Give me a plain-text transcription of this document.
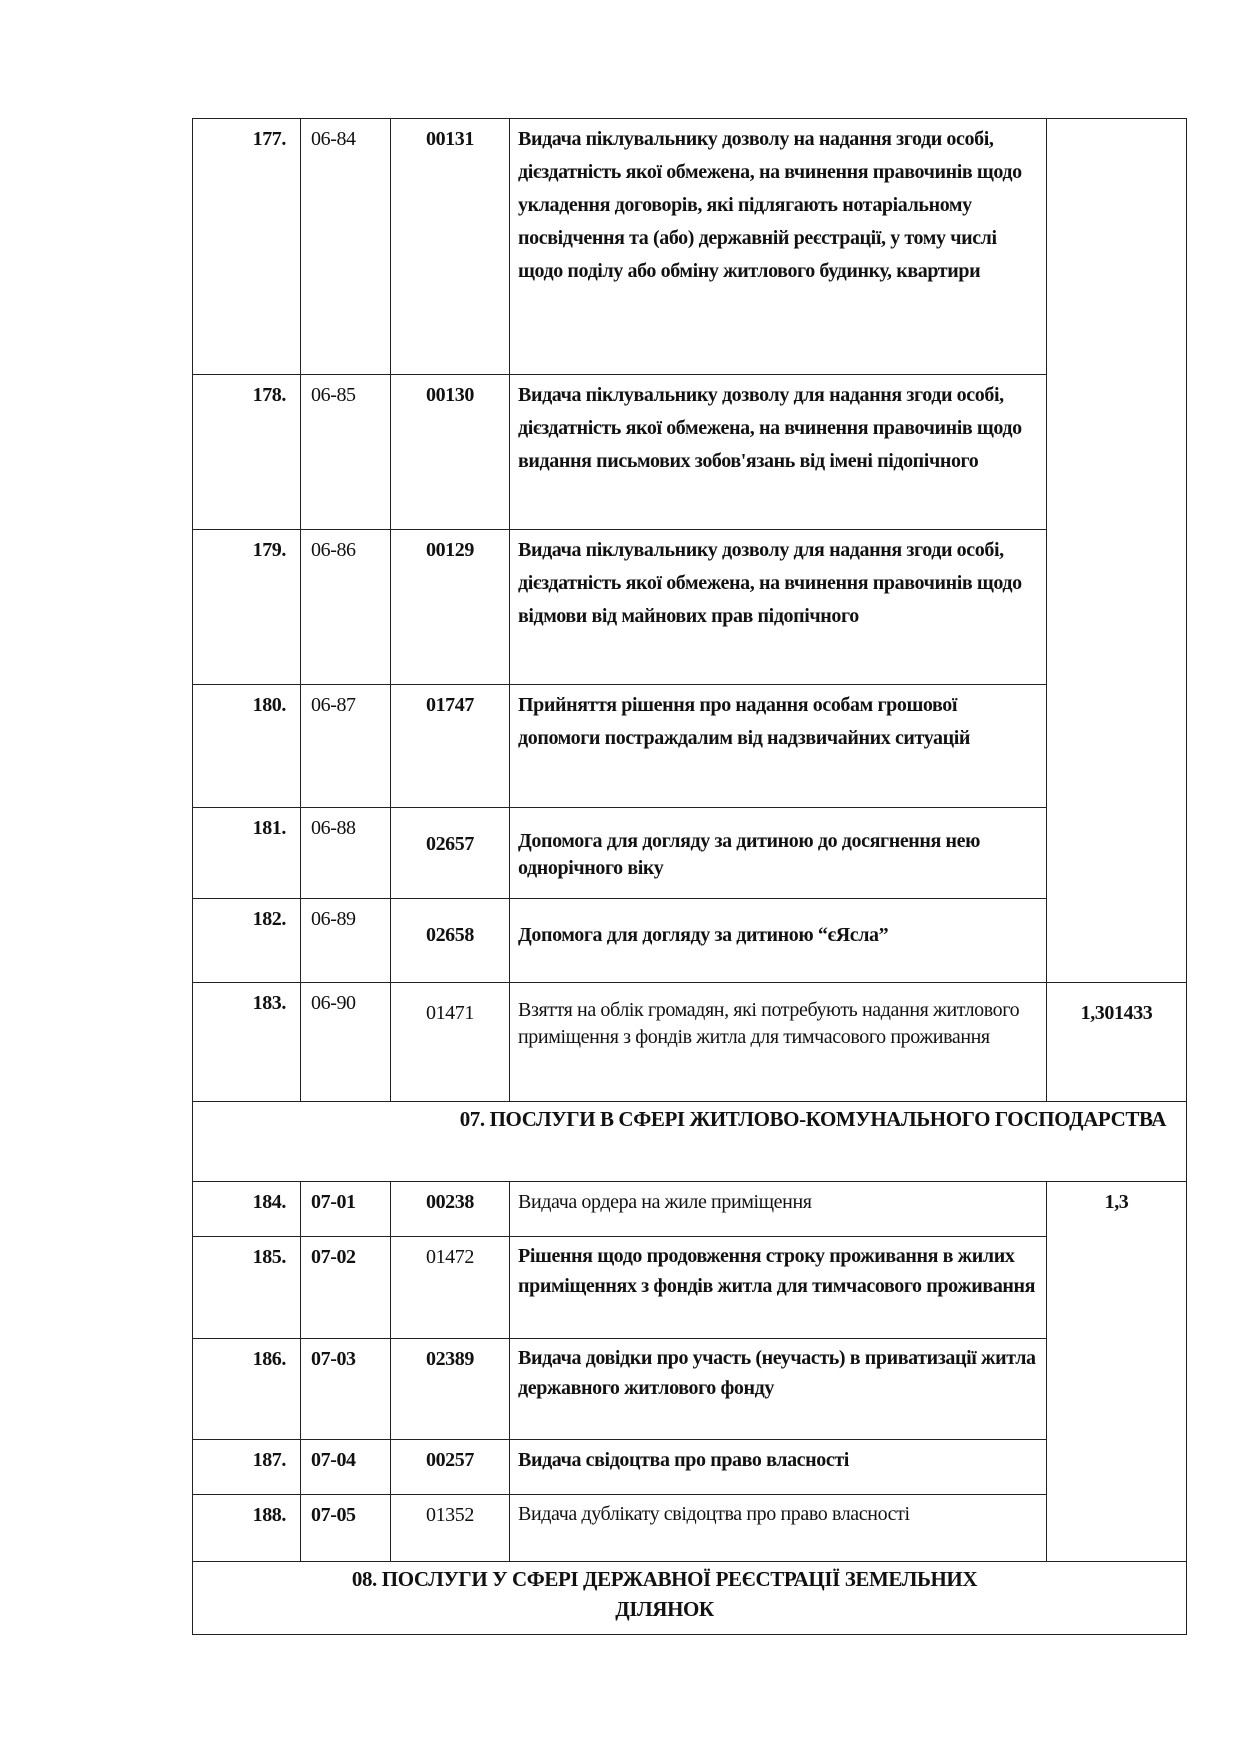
177.	06-84	00131	Видача піклувальнику дозволу на надання згоди особі, дієздатність якої обмежена, на вчинення правочинів щодо укладення договорів, які підлягають нотаріальному посвідчення та (або) державній реєстрації, у тому числі щодо поділу або обміну житлового будинку, квартири	
178.	06-85	00130	Видача піклувальнику дозволу для надання згоди особі, дієздатність якої обмежена, на вчинення правочинів щодо видання письмових зобов'язань від імені підопічного	
179.	06-86	00129	Видача піклувальнику дозволу для надання згоди особі, дієздатність якої обмежена, на вчинення правочинів щодо відмови від майнових прав підопічного	
180.	06-87	01747	Прийняття рішення про надання особам грошової допомоги постраждалим від надзвичайних ситуацій	
181.	06-88	02657	Допомога для догляду за дитиною до досягнення нею однорічного віку	
182.	06-89	02658	Допомога для догляду за дитиною “єЯсла”	
183.	06-90	01471	Взяття на облік громадян, які потребують надання житлового приміщення з фондів житла для тимчасового проживання	1,301433
07. ПОСЛУГИ В СФЕРІ ЖИТЛОВО-КОМУНАЛЬНОГО ГОСПОДАРСТВА				
184.	07-01	00238	Видача ордера на жиле приміщення	1,3
185.	07-02	01472	Рішення щодо продовження строку проживання в жилих приміщеннях з фондів житла для тимчасового проживання	
186.	07-03	02389	Видача довідки про участь (неучасть) в приватизації житла державного житлового фонду	
187.	07-04	00257	Видача свідоцтва про право власності	
188.	07-05	01352	Видача дублікату свідоцтва про право власності	
08. ПОСЛУГИ У СФЕРІ ДЕРЖАВНОЇ РЕЄСТРАЦІЇ ЗЕМЕЛЬНИХ ДІЛЯНОК				
